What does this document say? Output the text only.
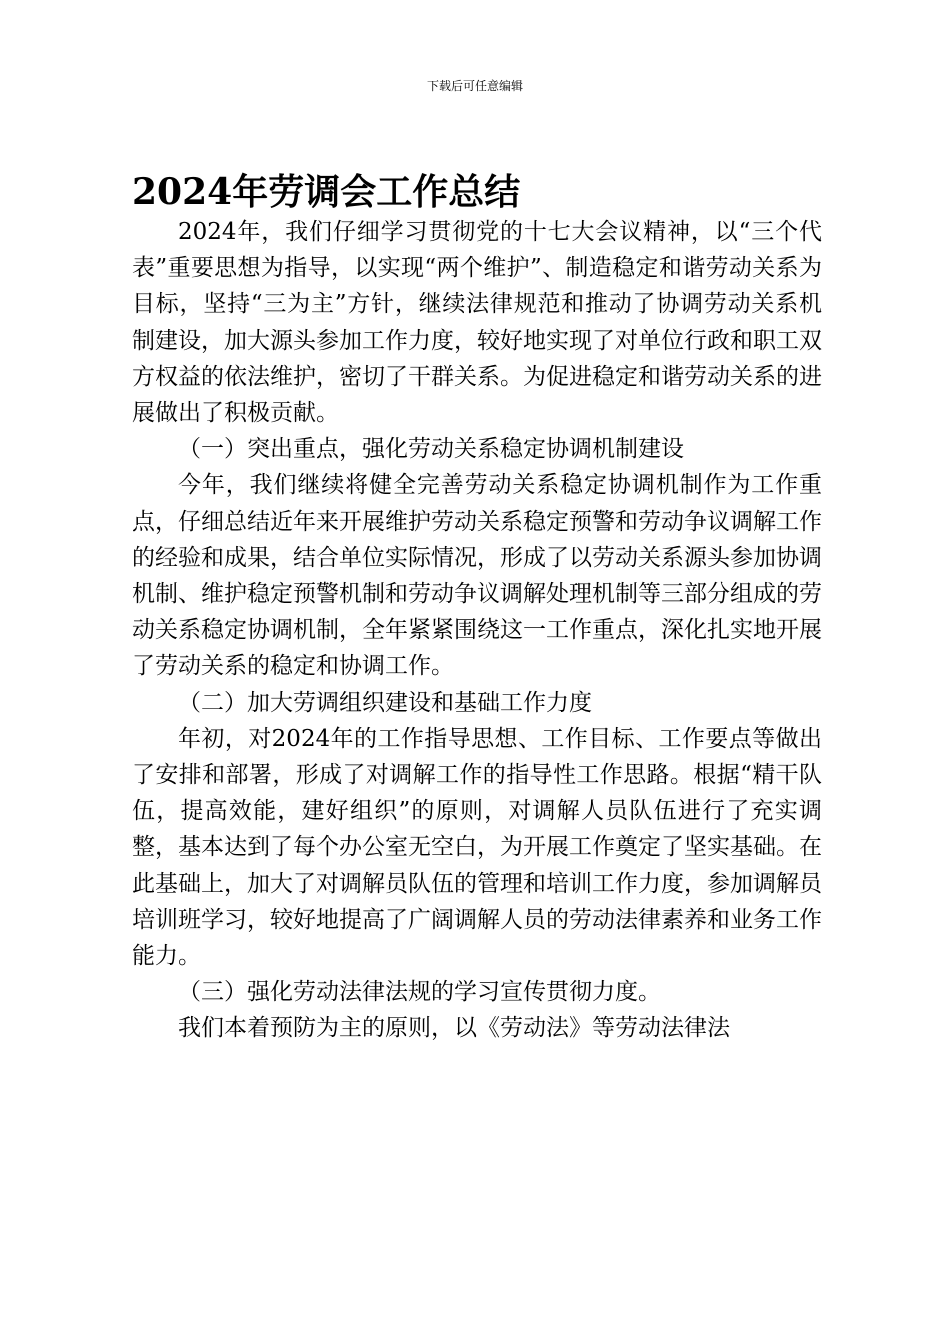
下载后可任意编辑
2024年劳调会工作总结

2024年，我们仔细学习贯彻党的十七大会议精神，以“三个代表”重要思想为指导，以实现“两个维护”、制造稳定和谐劳动关系为目标，坚持“三为主”方针，继续法律规范和推动了协调劳动关系机制建设，加大源头参加工作力度，较好地实现了对单位行政和职工双方权益的依法维护，密切了干群关系。为促进稳定和谐劳动关系的进展做出了积极贡献。

（一）突出重点，强化劳动关系稳定协调机制建设

今年，我们继续将健全完善劳动关系稳定协调机制作为工作重点，仔细总结近年来开展维护劳动关系稳定预警和劳动争议调解工作的经验和成果，结合单位实际情况，形成了以劳动关系源头参加协调机制、维护稳定预警机制和劳动争议调解处理机制等三部分组成的劳动关系稳定协调机制，全年紧紧围绕这一工作重点，深化扎实地开展了劳动关系的稳定和协调工作。

（二）加大劳调组织建设和基础工作力度

年初，对2024年的工作指导思想、工作目标、工作要点等做出了安排和部署，形成了对调解工作的指导性工作思路。根据“精干队伍，提高效能，建好组织”的原则，对调解人员队伍进行了充实调整，基本达到了每个办公室无空白，为开展工作奠定了坚实基础。在此基础上，加大了对调解员队伍的管理和培训工作力度，参加调解员培训班学习，较好地提高了广阔调解人员的劳动法律素养和业务工作能力。

（三）强化劳动法律法规的学习宣传贯彻力度。

我们本着预防为主的原则，以《劳动法》等劳动法律法
